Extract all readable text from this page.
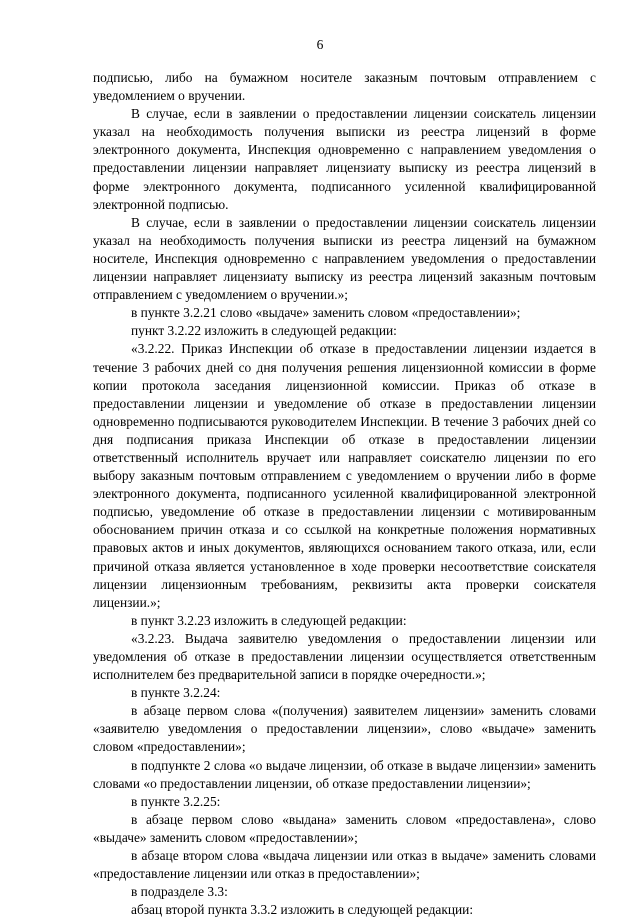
6

подписью, либо на бумажном носителе заказным почтовым отправлением с уведомлением о вручении.

В случае, если в заявлении о предоставлении лицензии соискатель лицензии указал на необходимость получения выписки из реестра лицензий в форме электронного документа, Инспекция одновременно с направлением уведомления о предоставлении лицензии направляет лицензиату выписку из реестра лицензий в форме электронного документа, подписанного усиленной квалифицированной электронной подписью.

В случае, если в заявлении о предоставлении лицензии соискатель лицензии указал на необходимость получения выписки из реестра лицензий на бумажном носителе, Инспекция одновременно с направлением уведомления о предоставлении лицензии направляет лицензиату выписку из реестра лицензий заказным почтовым отправлением с уведомлением о вручении.»;

в пункте 3.2.21 слово «выдаче» заменить словом «предоставлении»;

пункт 3.2.22 изложить в следующей редакции:

«3.2.22. Приказ Инспекции об отказе в предоставлении лицензии издается в течение 3 рабочих дней со дня получения решения лицензионной комиссии в форме копии протокола заседания лицензионной комиссии. Приказ об отказе в предоставлении лицензии и уведомление об отказе в предоставлении лицензии одновременно подписываются руководителем Инспекции. В течение 3 рабочих дней со дня подписания приказа Инспекции об отказе в предоставлении лицензии ответственный исполнитель вручает или направляет соискателю лицензии по его выбору заказным почтовым отправлением с уведомлением о вручении либо в форме электронного документа, подписанного усиленной квалифицированной электронной подписью, уведомление об отказе в предоставлении лицензии с мотивированным обоснованием причин отказа и со ссылкой на конкретные положения нормативных правовых актов и иных документов, являющихся основанием такого отказа, или, если причиной отказа является установленное в ходе проверки несоответствие соискателя лицензии лицензионным требованиям, реквизиты акта проверки соискателя лицензии.»;

в пункт 3.2.23 изложить в следующей редакции:

«3.2.23. Выдача заявителю уведомления о предоставлении лицензии или уведомления об отказе в предоставлении лицензии осуществляется ответственным исполнителем без предварительной записи в порядке очередности.»;

в пункте 3.2.24:

в абзаце первом слова «(получения) заявителем лицензии» заменить словами «заявителю уведомления о предоставлении лицензии», слово «выдаче» заменить словом «предоставлении»;

в подпункте 2 слова «о выдаче лицензии, об отказе в выдаче лицензии» заменить словами «о предоставлении лицензии, об отказе предоставлении лицензии»;

в пункте 3.2.25:

в абзаце первом слово «выдана» заменить словом «предоставлена», слово «выдаче» заменить словом «предоставлении»;

в абзаце втором слова «выдача лицензии или отказ в выдаче» заменить словами «предоставление лицензии или отказ в предоставлении»;

в подразделе 3.3:

абзац второй пункта 3.3.2 изложить в следующей редакции:
